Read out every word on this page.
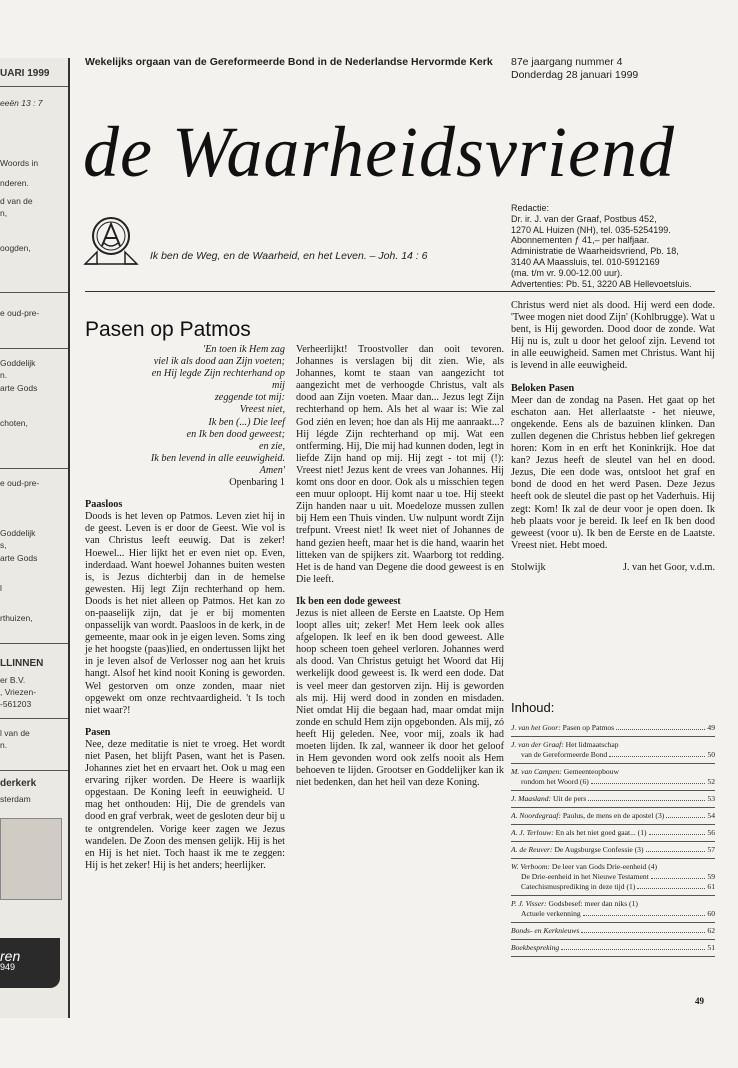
UARI 1999
eeën 13 : 7
Woords in
nderen.
d van de
n,
oogden,
e oud-pre-
Goddelijk
n.
arte Gods
choten,
e oud-pre-
Goddelijk
s,
arte Gods
l
rthuizen,
LLINNEN
er B.V.
, Vriezen-
-561203
l van de
n.
derkerk
sterdam
ren
949
Wekelijks orgaan van de Gereformeerde Bond in de Nederlandse Hervormde Kerk 87e jaargang nummer 4
Donderdag 28 januari 1999
de Waarheidsvriend
Ik ben de Weg, en de Waarheid, en het Leven. – Joh. 14 : 6
Redactie:
Dr. ir. J. van der Graaf, Postbus 452,
1270 AL Huizen (NH), tel. 035-5254199.
Abonnementen ƒ 41,– per halfjaar.
Administratie de Waarheidsvriend, Pb. 18,
3140 AA Maassluis, tel. 010-5912169
(ma. t/m vr. 9.00-12.00 uur).
Advertenties: Pb. 51, 3220 AB Hellevoetsluis.
Pasen op Patmos
'En toen ik Hem zag
viel ik als dood aan Zijn voeten;
en Hij legde Zijn rechterhand op
mij
zeggende tot mij:
Vreest niet,
Ik ben (...) Die leef
en Ik ben dood geweest;
en zie,
Ik ben levend in alle eeuwigheid.
Amen'
Openbaring 1

Paasloos

Doods is het leven op Patmos. Leven ziet hij in de geest. Leven is er door de Geest. Wie vol is van Christus leeft eeuwig. Dat is zeker! Hoewel... Hier lijkt het er even niet op. Even, inderdaad. Want hoewel Johannes buiten westen is, is Jezus dichterbij dan in de hemelse gewesten. Hij legt Zijn rechterhand op hem. Doods is het niet alleen op Patmos. Het kan zo on-paaselijk zijn, dat je er bij momenten onpasselijk van wordt. Paasloos in de kerk, in de gemeente, maar ook in je eigen leven. Soms zing je het hoogste (paas)lied, en ondertussen lijkt het in je leven alsof de Verlosser nog aan het kruis hangt. Alsof het kind nooit Koning is geworden. Wel gestorven om onze zonden, maar niet opgewekt om onze rechtvaardigheid. 't Is toch niet waar?!

Pasen

Nee, deze meditatie is niet te vroeg. Het wordt niet Pasen, het blijft Pasen, want het is Pasen. Johannes ziet het en ervaart het. Ook u mag een ervaring rijker worden. De Heere is waarlijk opgestaan. De Koning leeft in eeuwigheid. U mag het onthouden: Hij, Die de grendels van dood en graf verbrak, weet de gesloten deur bij u te ontgrendelen. Vorige keer zagen we Jezus wandelen. De Zoon des mensen gelijk. Hij is het en Hij is het niet. Toch haast ik me te zeggen: Hij is het zeker! Hij is het anders; heerlijker.

Verheerlijkt! Troostvoller dan ooit tevoren. Johannes is verslagen bij dit zien. Wie, als Johannes, komt te staan van aangezicht tot aangezicht met de verhoogde Christus, valt als dood aan Zijn voeten. Maar dan... Jezus legt Zijn rechterhand op hem. Als het al waar is: Wie zal God zién en leven; hoe dan als Hij me aanraakt...? Hij légde Zijn rechterhand op mij. Wat een ontferming. Hij, Die mij had kunnen doden, legt in liefde Zijn hand op mij. Hij zegt - tot mij (!): Vreest niet! Jezus kent de vrees van Johannes. Hij komt ons door en door. Ook als u misschien tegen een muur oploopt. Hij komt naar u toe. Hij steekt Zijn handen naar u uit. Moedeloze mussen zullen bij Hem een Thuis vinden. Uw nulpunt wordt Zijn trefpunt. Vreest niet! Ik weet niet of Johannes de hand gezien heeft, maar het is die hand, waarin het litteken van de spijkers zit. Waarborg tot redding. Het is de hand van Degene die dood geweest is en Die leeft.

Ik ben een dode geweest

Jezus is niet alleen de Eerste en Laatste. Op Hem loopt alles uit; zeker! Met Hem leek ook alles afgelopen. Ik leef en ik ben dood geweest. Alle hoop scheen toen geheel verloren. Johannes werd als dood. Van Christus getuigt het Woord dat Hij werkelijk dood geweest is. Ik werd een dode. Dat is veel meer dan gestorven zijn. Hij is geworden als mij. Hij werd dood in zonden en misdaden. Niet omdat Hij die begaan had, maar omdat mijn zonde en schuld Hem zijn opgebonden. Als mij, zó heeft Hij geleden. Nee, voor mij, zoals ik had moeten lijden. Ik zal, wanneer ik door het geloof in Hem gevonden word ook zelfs nooit als Hem behoeven te lijden. Grootser en Goddelijker kan ik niet bedenken, dan het heil van deze Koning.

Christus werd niet als dood. Hij werd een dode. 'Twee mogen niet dood Zijn' (Kohlbrugge). Wat u bent, is Hij geworden. Dood door de zonde. Wat Hij nu is, zult u door het geloof zijn. Levend tot in alle eeuwigheid. Samen met Christus. Want hij is levend in alle eeuwigheid.

Beloken Pasen

Meer dan de zondag na Pasen. Het gaat op het eschaton aan. Het allerlaatste - het nieuwe, ongekende. Eens als de bazuinen klinken. Dan zullen degenen die Christus hebben lief gekregen horen: Kom in en erft het Koninkrijk. Hoe dat kan? Jezus heeft de sleutel van hel en dood. Jezus, Die een dode was, ontsloot het graf en bond de dood en het werd Pasen. Deze Jezus heeft ook de sleutel die past op het Vaderhuis. Hij zegt: Kom! Ik zal de deur voor je open doen. Ik heb plaats voor je bereid. Ik leef en Ik ben dood geweest (voor u). Ik ben de Eerste en de Laatste. Vreest niet. Hebt moed.

Stolwijk	J. van het Goor, v.d.m.
Inhoud:
J. van het Goor: Pasen op Patmos	49
J. van der Graaf: Het lidmaatschap
van de Gereformeerde Bond	50
M. van Campen: Gemeenteopbouw
rondom het Woord (6)	52
J. Maasland: Uit de pers	53
A. Noordegraaf: Paulus, de mens en de apostel (3)	54
A. J. Terlouw: En als het niet goed gaat... (1)	56
A. de Reuver: De Augsburgse Confessie (3)	57
W. Verboom: De leer van Gods Drie-eenheid (4)
De Drie-eenheid in het Nieuwe Testament	59
Catechismusprediking in deze tijd (1)	61
P. J. Visser: Godsbesef: meer dan niks (1)
Actuele verkenning	60
Bonds- en Kerknieuws	62
Boekbespreking	51
49
